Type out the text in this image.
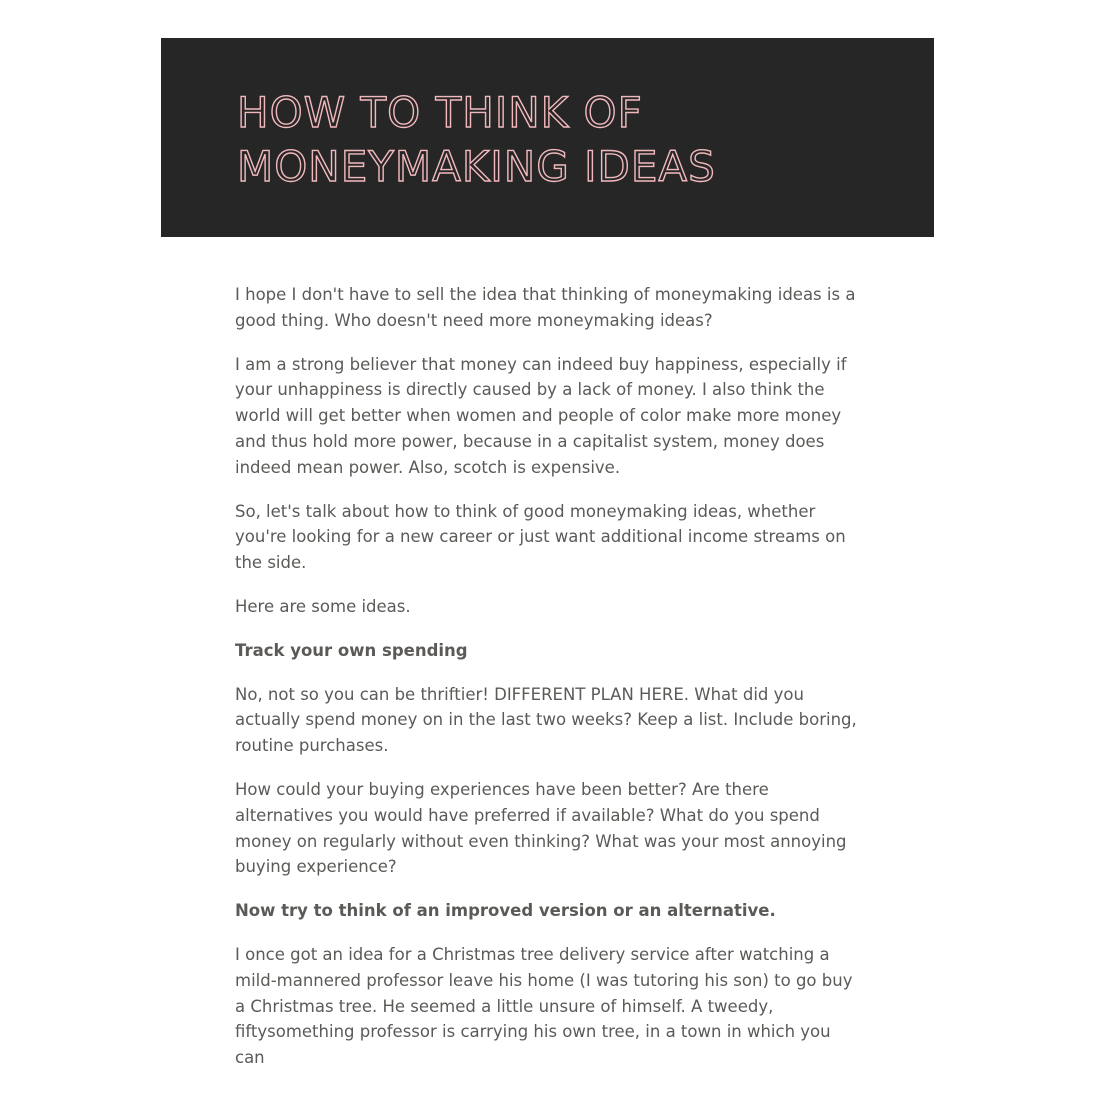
HOW TO THINK OF
MONEYMAKING IDEAS

I hope I don't have to sell the idea that thinking of moneymaking ideas is a good thing. Who doesn't need more moneymaking ideas?

I am a strong believer that money can indeed buy happiness, especially if your unhappiness is directly caused by a lack of money. I also think the world will get better when women and people of color make more money and thus hold more power, because in a capitalist system, money does indeed mean power. Also, scotch is expensive.

So, let's talk about how to think of good moneymaking ideas, whether you're looking for a new career or just want additional income streams on the side.

Here are some ideas.

Track your own spending

No, not so you can be thriftier! DIFFERENT PLAN HERE. What did you actually spend money on in the last two weeks? Keep a list. Include boring, routine purchases.

How could your buying experiences have been better? Are there alternatives you would have preferred if available? What do you spend money on regularly without even thinking? What was your most annoying buying experience?

Now try to think of an improved version or an alternative.

I once got an idea for a Christmas tree delivery service after watching a mild-mannered professor leave his home (I was tutoring his son) to go buy a Christmas tree. He seemed a little unsure of himself. A tweedy, fiftysomething professor is carrying his own tree, in a town in which you can
